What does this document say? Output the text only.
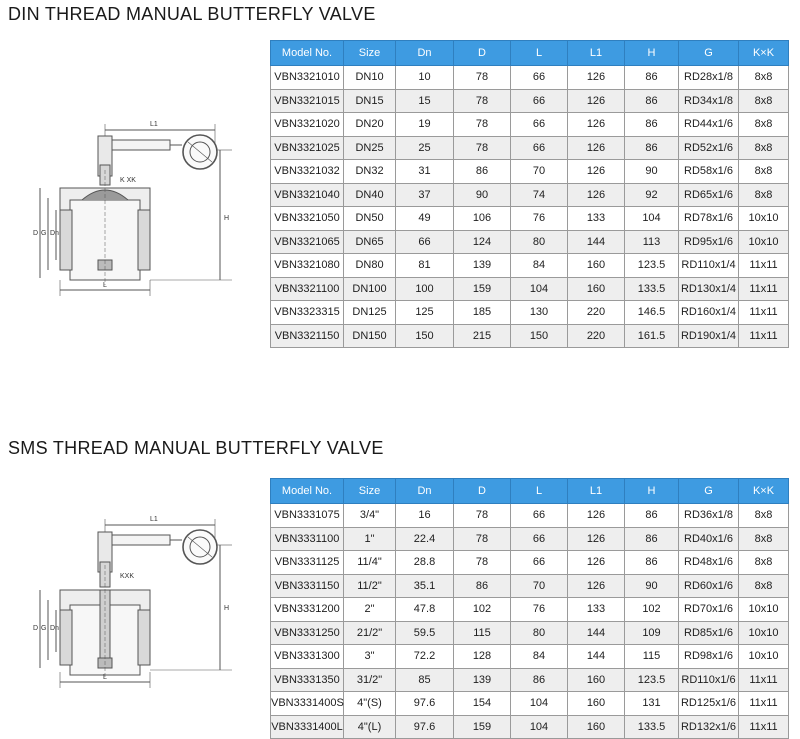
DIN THREAD MANUAL BUTTERFLY VALVE
L1
K XK
H
D G Dn
L
Model No.	Size	Dn	D	L	L1	H	G	K×K
VBN3321010	DN10	10	78	66	126	86	RD28x1/8	8x8
VBN3321015	DN15	15	78	66	126	86	RD34x1/8	8x8
VBN3321020	DN20	19	78	66	126	86	RD44x1/6	8x8
VBN3321025	DN25	25	78	66	126	86	RD52x1/6	8x8
VBN3321032	DN32	31	86	70	126	90	RD58x1/6	8x8
VBN3321040	DN40	37	90	74	126	92	RD65x1/6	8x8
VBN3321050	DN50	49	106	76	133	104	RD78x1/6	10x10
VBN3321065	DN65	66	124	80	144	113	RD95x1/6	10x10
VBN3321080	DN80	81	139	84	160	123.5	RD110x1/4	11x11
VBN3321100	DN100	100	159	104	160	133.5	RD130x1/4	11x11
VBN3323315	DN125	125	185	130	220	146.5	RD160x1/4	11x11
VBN3321150	DN150	150	215	150	220	161.5	RD190x1/4	11x11
SMS THREAD MANUAL BUTTERFLY VALVE
L1
KXK
H
D G Dn
L
Model No.	Size	Dn	D	L	L1	H	G	K×K
VBN3331075	3/4"	16	78	66	126	86	RD36x1/8	8x8
VBN3331100	1"	22.4	78	66	126	86	RD40x1/6	8x8
VBN3331125	11/4"	28.8	78	66	126	86	RD48x1/6	8x8
VBN3331150	11/2"	35.1	86	70	126	90	RD60x1/6	8x8
VBN3331200	2"	47.8	102	76	133	102	RD70x1/6	10x10
VBN3331250	21/2"	59.5	115	80	144	109	RD85x1/6	10x10
VBN3331300	3"	72.2	128	84	144	115	RD98x1/6	10x10
VBN3331350	31/2"	85	139	86	160	123.5	RD110x1/6	11x11
VBN3331400S	4"(S)	97.6	154	104	160	131	RD125x1/6	11x11
VBN3331400L	4"(L)	97.6	159	104	160	133.5	RD132x1/6	11x11
